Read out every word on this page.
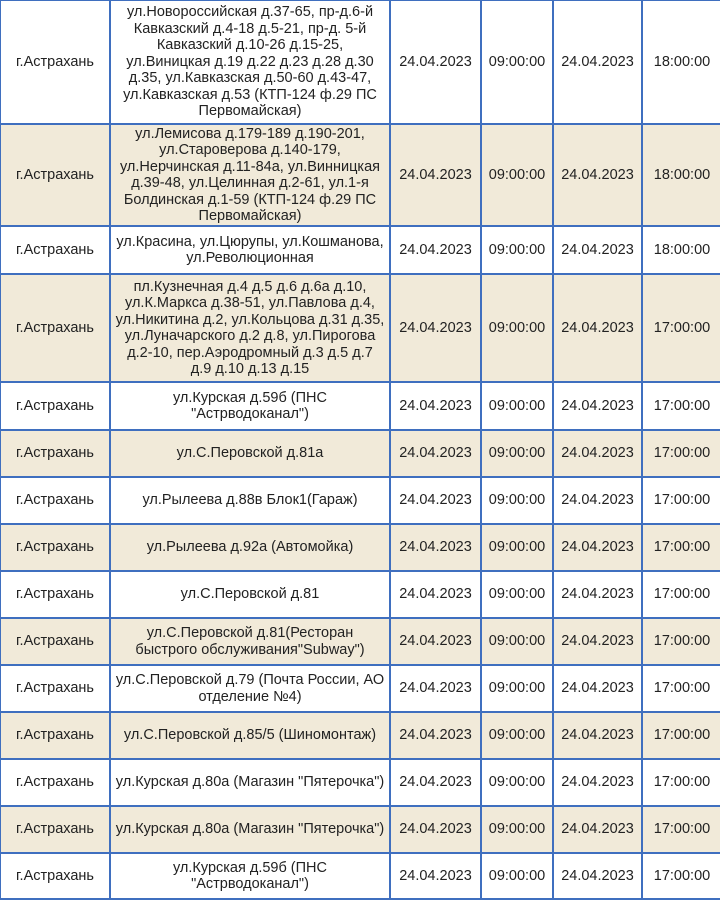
г.Астрахань	ул.Новороссийская д.37-65, пр-д.6-й Кавказский д.4-18 д.5-21, пр-д. 5-й Кавказский д.10-26 д.15-25, ул.Виницкая д.19 д.22 д.23 д.28 д.30 д.35, ул.Кавказская д.50-60 д.43-47, ул.Кавказская д.53 (КТП-124 ф.29 ПС Первомайская)	24.04.2023	09:00:00	24.04.2023	18:00:00
г.Астрахань	ул.Лемисова д.179-189 д.190-201, ул.Староверова д.140-179, ул.Нерчинская д.11-84а, ул.Винницкая д.39-48, ул.Целинная д.2-61, ул.1-я Болдинская д.1-59 (КТП-124 ф.29 ПС Первомайская)	24.04.2023	09:00:00	24.04.2023	18:00:00
г.Астрахань	ул.Красина, ул.Цюрупы, ул.Кошманова, ул.Революционная	24.04.2023	09:00:00	24.04.2023	18:00:00
г.Астрахань	пл.Кузнечная д.4 д.5 д.6 д.6а д.10, ул.К.Маркса д.38-51, ул.Павлова д.4, ул.Никитина д.2, ул.Кольцова д.31 д.35, ул.Луначарского д.2 д.8, ул.Пирогова д.2-10, пер.Аэродромный д.3 д.5 д.7 д.9 д.10 д.13 д.15	24.04.2023	09:00:00	24.04.2023	17:00:00
г.Астрахань	ул.Курская д.59б (ПНС "Астрводоканал")	24.04.2023	09:00:00	24.04.2023	17:00:00
г.Астрахань	ул.С.Перовской д.81а	24.04.2023	09:00:00	24.04.2023	17:00:00
г.Астрахань	ул.Рылеева д.88в Блок1(Гараж)	24.04.2023	09:00:00	24.04.2023	17:00:00
г.Астрахань	ул.Рылеева д.92а (Автомойка)	24.04.2023	09:00:00	24.04.2023	17:00:00
г.Астрахань	ул.С.Перовской д.81	24.04.2023	09:00:00	24.04.2023	17:00:00
г.Астрахань	ул.С.Перовской д.81(Ресторан быстрого обслуживания"Subway")	24.04.2023	09:00:00	24.04.2023	17:00:00
г.Астрахань	ул.С.Перовской д.79 (Почта России, АО отделение №4)	24.04.2023	09:00:00	24.04.2023	17:00:00
г.Астрахань	ул.С.Перовской д.85/5 (Шиномонтаж)	24.04.2023	09:00:00	24.04.2023	17:00:00
г.Астрахань	ул.Курская д.80а (Магазин "Пятерочка")	24.04.2023	09:00:00	24.04.2023	17:00:00
г.Астрахань	ул.Курская д.80а (Магазин "Пятерочка")	24.04.2023	09:00:00	24.04.2023	17:00:00
г.Астрахань	ул.Курская д.59б (ПНС "Астрводоканал")	24.04.2023	09:00:00	24.04.2023	17:00:00
